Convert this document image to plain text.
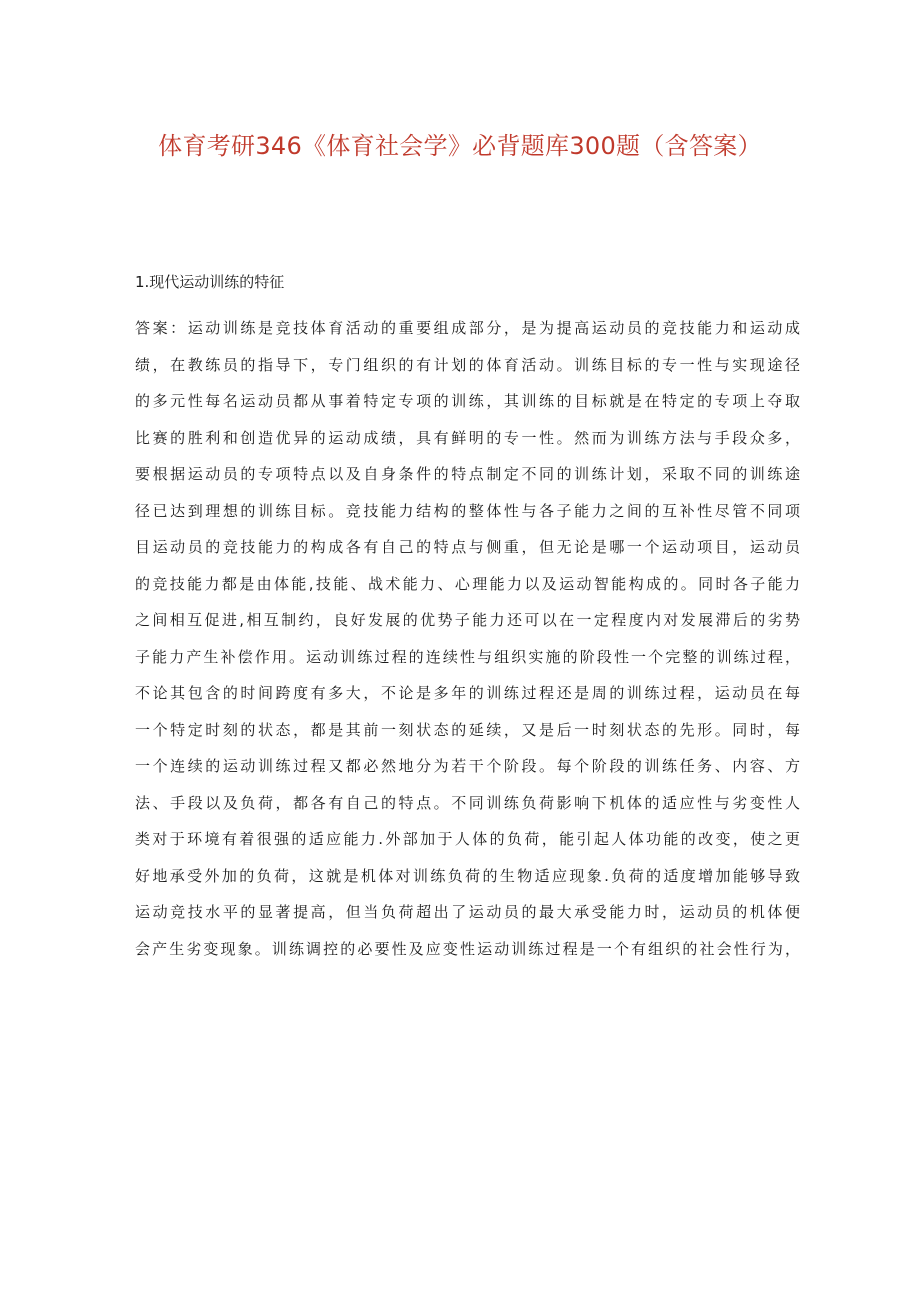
体育考研346《体育社会学》必背题库300题（含答案）
1.现代运动训练的特征
答案：运动训练是竞技体育活动的重要组成部分，是为提高运动员的竞技能力和运动成
绩，在教练员的指导下，专门组织的有计划的体育活动。训练目标的专一性与实现途径
的多元性每名运动员都从事着特定专项的训练，其训练的目标就是在特定的专项上夺取
比赛的胜利和创造优异的运动成绩，具有鲜明的专一性。然而为训练方法与手段众多，
要根据运动员的专项特点以及自身条件的特点制定不同的训练计划，采取不同的训练途
径已达到理想的训练目标。竞技能力结构的整体性与各子能力之间的互补性尽管不同项
目运动员的竞技能力的构成各有自己的特点与侧重，但无论是哪一个运动项目，运动员
的竞技能力都是由体能,技能、战术能力、心理能力以及运动智能构成的。同时各子能力
之间相互促进,相互制约，良好发展的优势子能力还可以在一定程度内对发展滞后的劣势
子能力产生补偿作用。运动训练过程的连续性与组织实施的阶段性一个完整的训练过程，
不论其包含的时间跨度有多大，不论是多年的训练过程还是周的训练过程，运动员在每
一个特定时刻的状态，都是其前一刻状态的延续，又是后一时刻状态的先形。同时，每
一个连续的运动训练过程又都必然地分为若干个阶段。每个阶段的训练任务、内容、方
法、手段以及负荷，都各有自己的特点。不同训练负荷影响下机体的适应性与劣变性人
类对于环境有着很强的适应能力.外部加于人体的负荷，能引起人体功能的改变，使之更
好地承受外加的负荷，这就是机体对训练负荷的生物适应现象.负荷的适度增加能够导致
运动竞技水平的显著提高，但当负荷超出了运动员的最大承受能力时，运动员的机体便
会产生劣变现象。训练调控的必要性及应变性运动训练过程是一个有组织的社会性行为，
